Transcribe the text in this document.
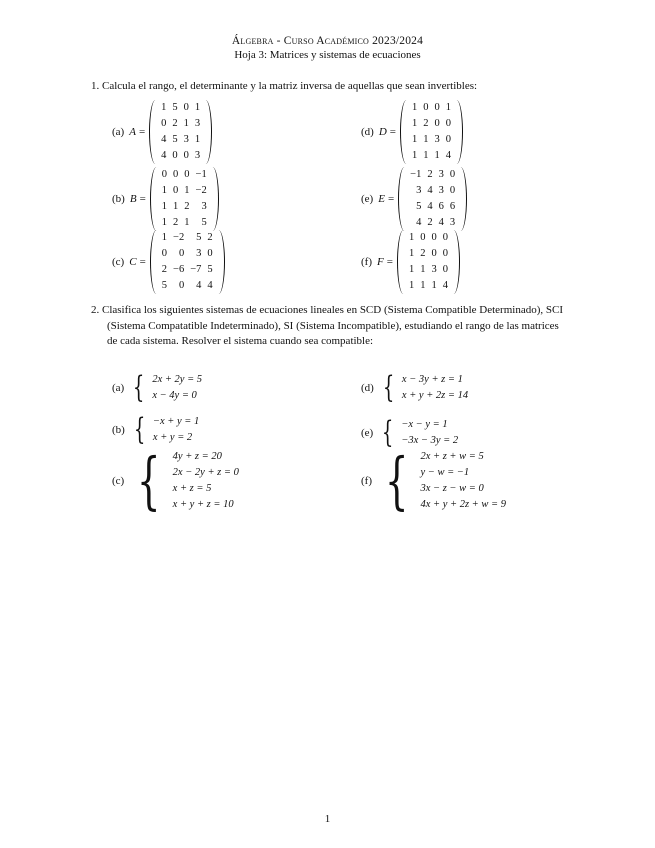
Álgebra - Curso Académico 2023/2024
Hoja 3: Matrices y sistemas de ecuaciones
1. Calcula el rango, el determinante y la matriz inversa de aquellas que sean invertibles:
(a) A =
1	5	0	1
0	2	1	3
4	5	3	1
4	0	0	3
(b) B =
0	0	0	−1
1	0	1	−2
1	1	2	3
1	2	1	5
(c) C =
1	−2	5	2
0	0	3	0
2	−6	−7	5
5	0	4	4
(d) D =
1	0	0	1
1	2	0	0
1	1	3	0
1	1	1	4
(e) E =
−1	2	3	0
3	4	3	0
5	4	6	6
4	2	4	3
(f) F =
1	0	0	0
1	2	0	0
1	1	3	0
1	1	1	4
2. Clasifica los siguientes sistemas de ecuaciones lineales en SCD (Sistema Compatible Determinado), SCI
(Sistema Compatatible Indeterminado), SI (Sistema Incompatible), estudiando el rango de las matrices
de cada sistema. Resolver el sistema cuando sea compatible:
(a) { 2x + 2y = 5
x − 4y = 0
(b) { −x + y = 1
x + y = 2
(c) { 4y + z = 20
2x − 2y + z = 0
x + z = 5
x + y + z = 10
(d) { x − 3y + z = 1
x + y + 2z = 14
(e) { −x − y = 1
−3x − 3y = 2
(f) { 2x + z + w = 5
y − w = −1
3x − z − w = 0
4x + y + 2z + w = 9
1
